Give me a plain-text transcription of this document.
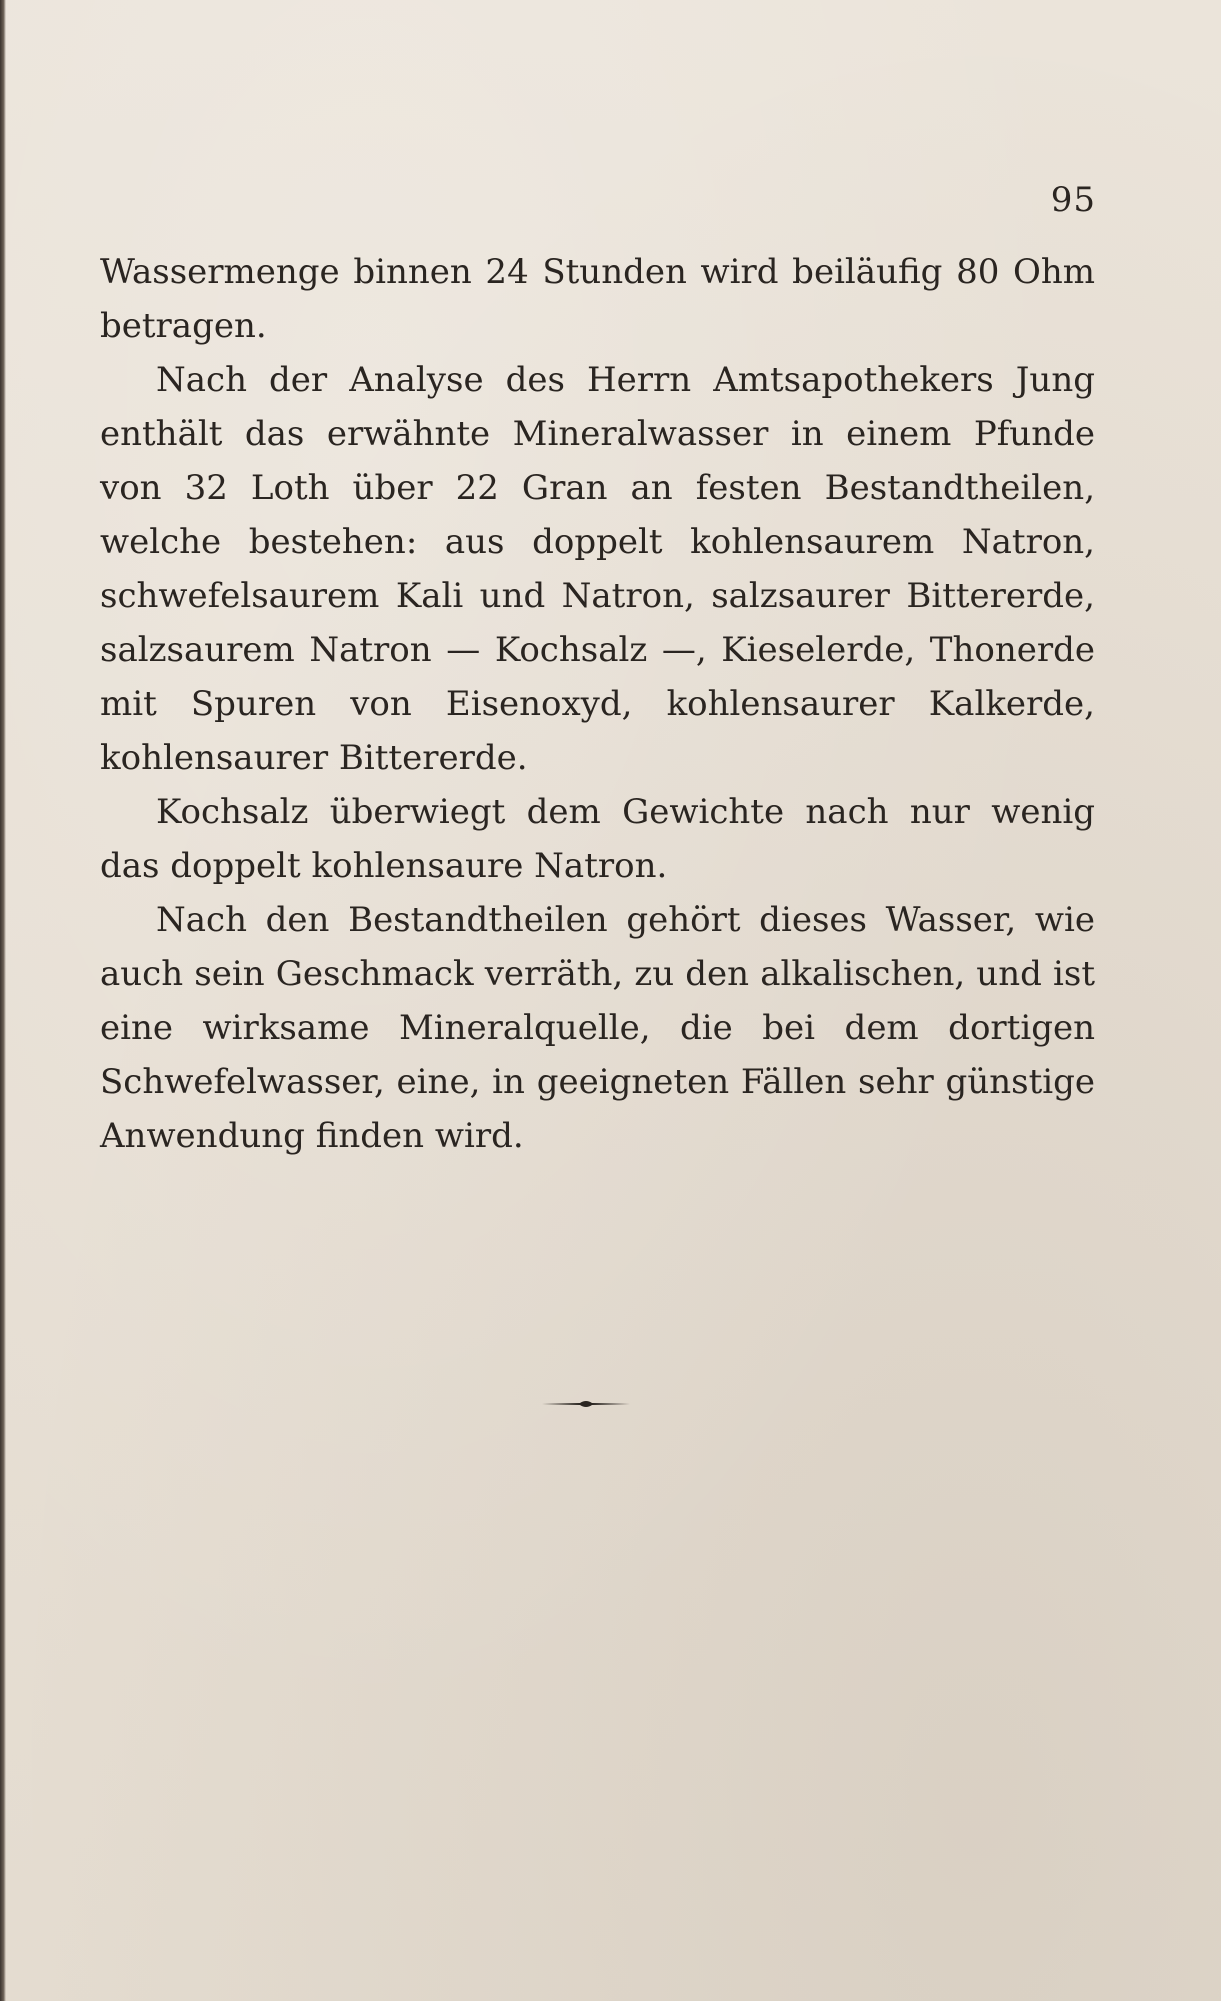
95

Wassermenge binnen 24 Stunden wird beiläufig 80 Ohm betragen.

Nach der Analyse des Herrn Amtsapothekers Jung enthält das erwähnte Mineralwasser in einem Pfunde von 32 Loth über 22 Gran an festen Bestandtheilen, welche bestehen: aus doppelt kohlensaurem Natron, schwefelsaurem Kali und Natron, salzsaurer Bittererde, salzsaurem Natron — Kochsalz —, Kieselerde, Thonerde mit Spuren von Eisenoxyd, kohlensaurer Kalkerde, kohlensaurer Bittererde.

Kochsalz überwiegt dem Gewichte nach nur wenig das doppelt kohlensaure Natron.

Nach den Bestandtheilen gehört dieses Wasser, wie auch sein Geschmack verräth, zu den alkalischen, und ist eine wirksame Mineralquelle, die bei dem dortigen Schwefelwasser, eine, in geeigneten Fällen sehr günstige Anwendung finden wird.
